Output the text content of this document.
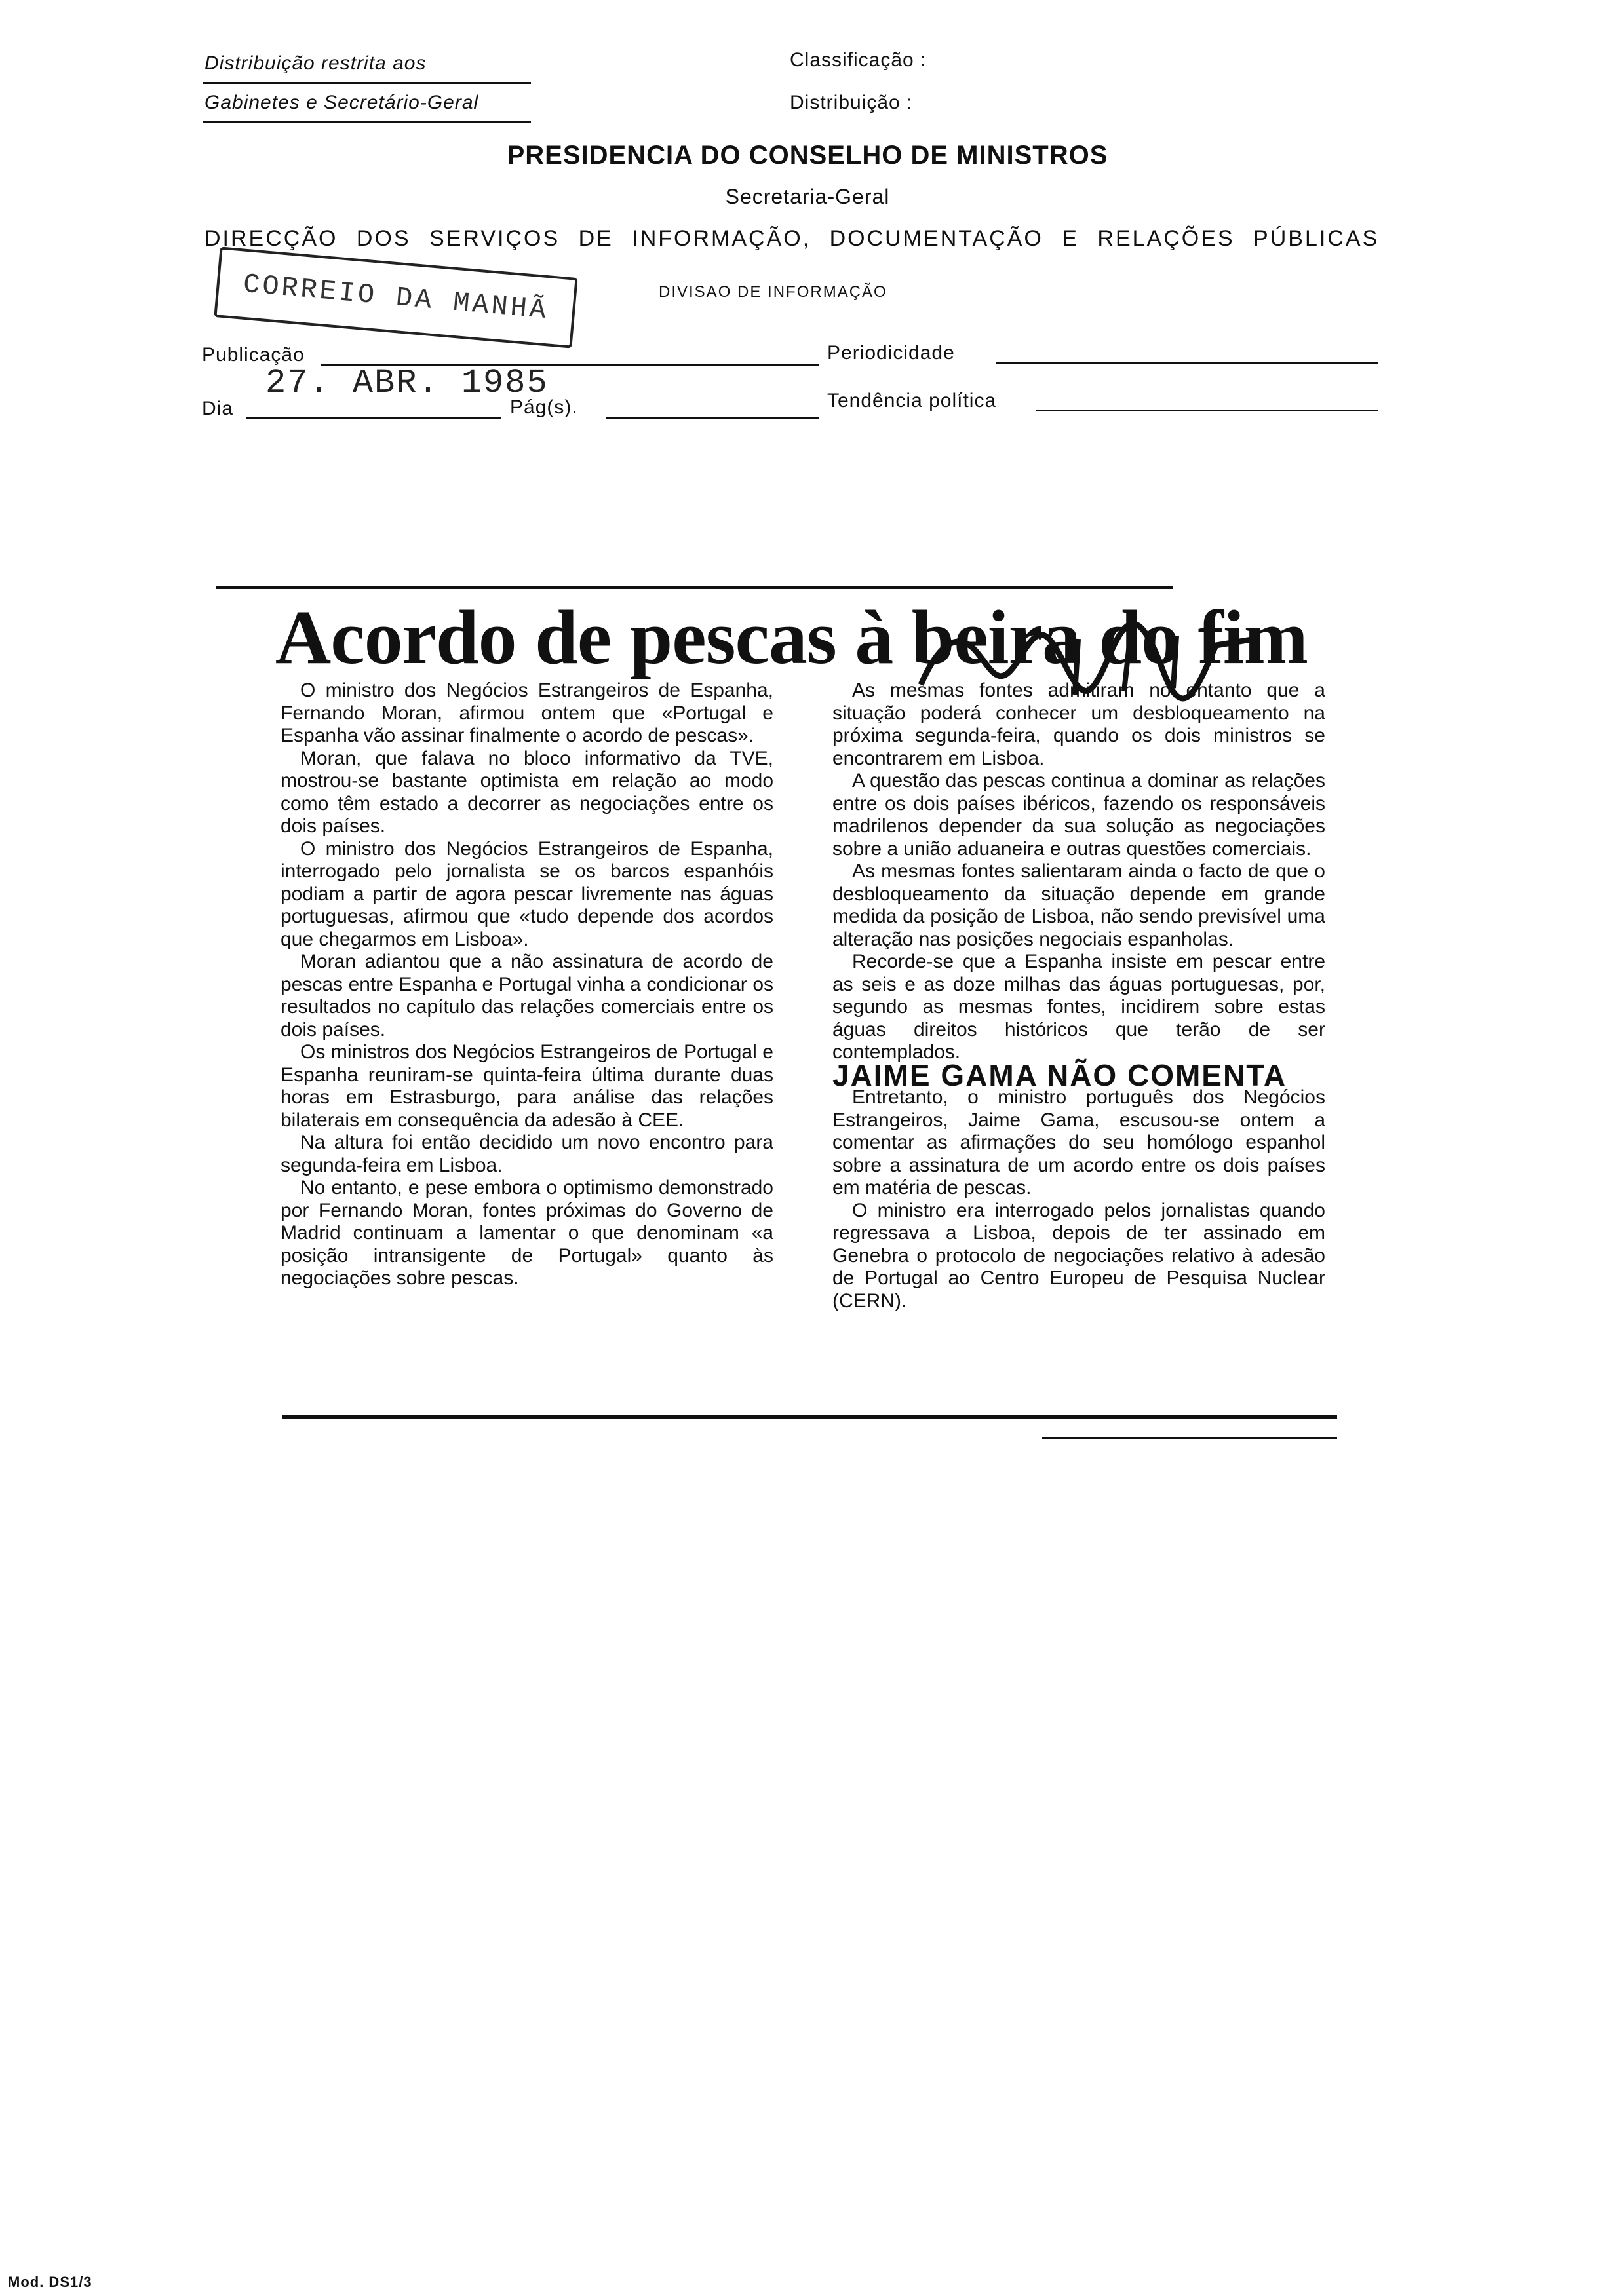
Distribuição restrita aos
Gabinetes e Secretário-Geral
Classificação :
Distribuição :
PRESIDENCIA DO CONSELHO DE MINISTROS
Secretaria-Geral
DIRECÇÃO DOS SERVIÇOS DE INFORMAÇÃO, DOCUMENTAÇÃO E RELAÇÕES PÚBLICAS
CORREIO DA MANHÃ	DIVISAO DE INFORMAÇÃO
Publicação	Periodicidade
Dia
27. ABR. 1985
Pág(s).	Tendência política
Acordo de pescas à beira do fim

O ministro dos Negócios Estrangeiros de Espanha, Fernando Moran, afirmou ontem que «Portugal e Espanha vão assinar finalmente o acordo de pescas».

Moran, que falava no bloco informativo da TVE, mostrou-se bastante optimista em relação ao modo como têm estado a decorrer as negociações entre os dois países.

O ministro dos Negócios Estrangeiros de Espanha, interrogado pelo jornalista se os barcos espanhóis podiam a partir de agora pescar livremente nas águas portuguesas, afirmou que «tudo depende dos acordos que chegarmos em Lisboa».

Moran adiantou que a não assinatura de acordo de pescas entre Espanha e Portugal vinha a condicionar os resultados no capítulo das relações comerciais entre os dois países.

Os ministros dos Negócios Estrangeiros de Portugal e Espanha reuniram-se quinta-feira última durante duas horas em Estrasburgo, para análise das relações bilaterais em consequência da adesão à CEE.

Na altura foi então decidido um novo encontro para segunda-feira em Lisboa.

No entanto, e pese embora o optimismo demonstrado por Fernando Moran, fontes próximas do Governo de Madrid continuam a lamentar o que denominam «a posição intransigente de Portugal» quanto às negociações sobre pescas.

As mesmas fontes admitiram no entanto que a situação poderá conhecer um desbloqueamento na próxima segunda-feira, quando os dois ministros se encontrarem em Lisboa.

A questão das pescas continua a dominar as relações entre os dois países ibéricos, fazendo os responsáveis madrilenos depender da sua solução as negociações sobre a união aduaneira e outras questões comerciais.

As mesmas fontes salientaram ainda o facto de que o desbloqueamento da situação depende em grande medida da posição de Lisboa, não sendo previsível uma alteração nas posições negociais espanholas.

Recorde-se que a Espanha insiste em pescar entre as seis e as doze milhas das águas portuguesas, por, segundo as mesmas fontes, incidirem sobre estas águas direitos históricos que terão de ser contemplados.

JAIME GAMA NÃO COMENTA

Entretanto, o ministro português dos Negócios Estrangeiros, Jaime Gama, escusou-se ontem a comentar as afirmações do seu homólogo espanhol sobre a assinatura de um acordo entre os dois países em matéria de pescas.

O ministro era interrogado pelos jornalistas quando regressava a Lisboa, depois de ter assinado em Genebra o protocolo de negociações relativo à adesão de Portugal ao Centro Europeu de Pesquisa Nuclear (CERN).

Mod. DS1/3
